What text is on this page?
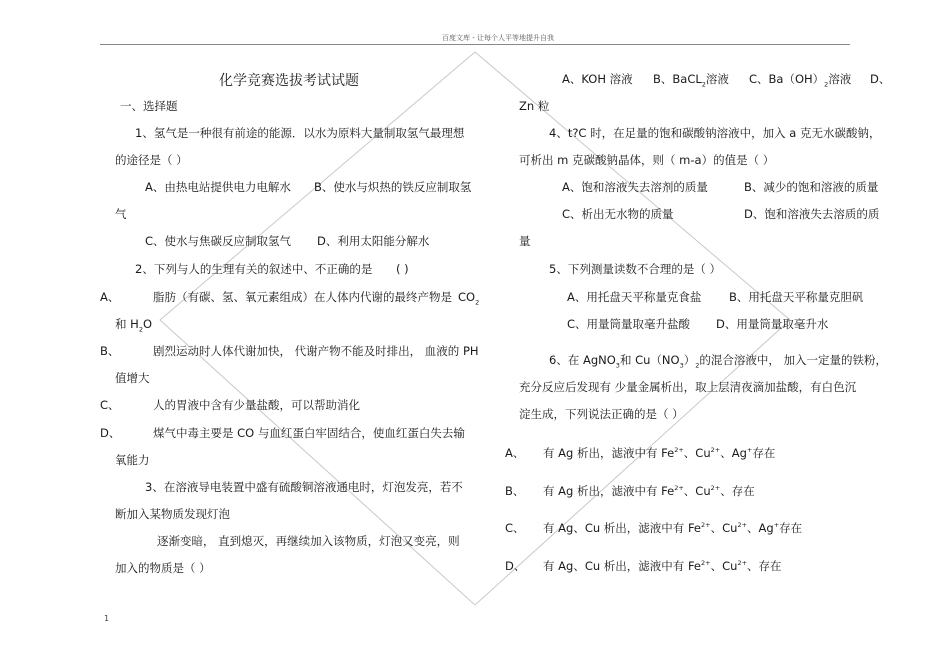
百度文库 - 让每个人平等地提升自我
化学竞赛选拔考试试题
一、选择题
1、氢气是一种很有前途的能源．以水为原料大量制取氢气最理想
的途径是（ ）
A、由热电站提供电力电解水 B、使水与炽热的铁反应制取氢
气
C、使水与焦碳反应制取氢气 D、利用太阳能分解水
2、下列与人的生理有关的叙述中、不正确的是 ( )
A、	脂肪（有碳、氢、氧元素组成）在人体内代谢的最终产物是 $CO_2$
和 $H_2O$
B、	剧烈运动时人体代谢加快， 代谢产物不能及时排出， 血液的 PH
值增大
C、	人的胃液中含有少量盐酸，可以帮助消化
D、	煤气中毒主要是 CO 与血红蛋白牢固结合，使血红蛋白失去输
氧能力
3、在溶液导电装置中盛有硫酸铜溶液通电时，灯泡发亮，若不
断加入某物质发现灯泡
逐渐变暗， 直到熄灭，再继续加入该物质，灯泡又变亮，则
加入的物质是（ ）
1
A、KOH 溶液 B、BaCL$_2$溶液 C、$Ba(OH)_2$溶液 D、
Zn 粒
4、t?C 时，在足量的饱和碳酸钠溶液中，加入 a 克无水碳酸钠，
可析出 m 克碳酸钠晶体，则（ m-a）的值是（ ）
A、饱和溶液失去溶剂的质量	B、减少的饱和溶液的质量
C、析出无水物的质量	D、饱和溶液失去溶质的质
量
5、下列测量读数不合理的是（ ）
A、用托盘天平称量克食盐 B、用托盘天平称量克胆矾
C、用量筒量取毫升盐酸 D、用量筒量取毫升水
6、在 AgNO$_3$和 $Cu(NO_3)_2$的混合溶液中， 加入一定量的铁粉，
充分反应后发现有 少量金属析出，取上层清夜滴加盐酸，有白色沉
淀生成，下列说法正确的是（ ）
A、 有 Ag 析出，滤液中有 $Fe^{2+}$、$Cu^{2+}$、Ag+存在
B、 有 Ag 析出，滤液中有 $Fe^{2+}$、$Cu^{2+}$、存在
C、 有 Ag、Cu 析出，滤液中有 $Fe^{2+}$、$Cu^{2+}$、Ag+存在
D、 有 Ag、Cu 析出，滤液中有 $Fe^{2+}$、$Cu^{2+}$、存在
